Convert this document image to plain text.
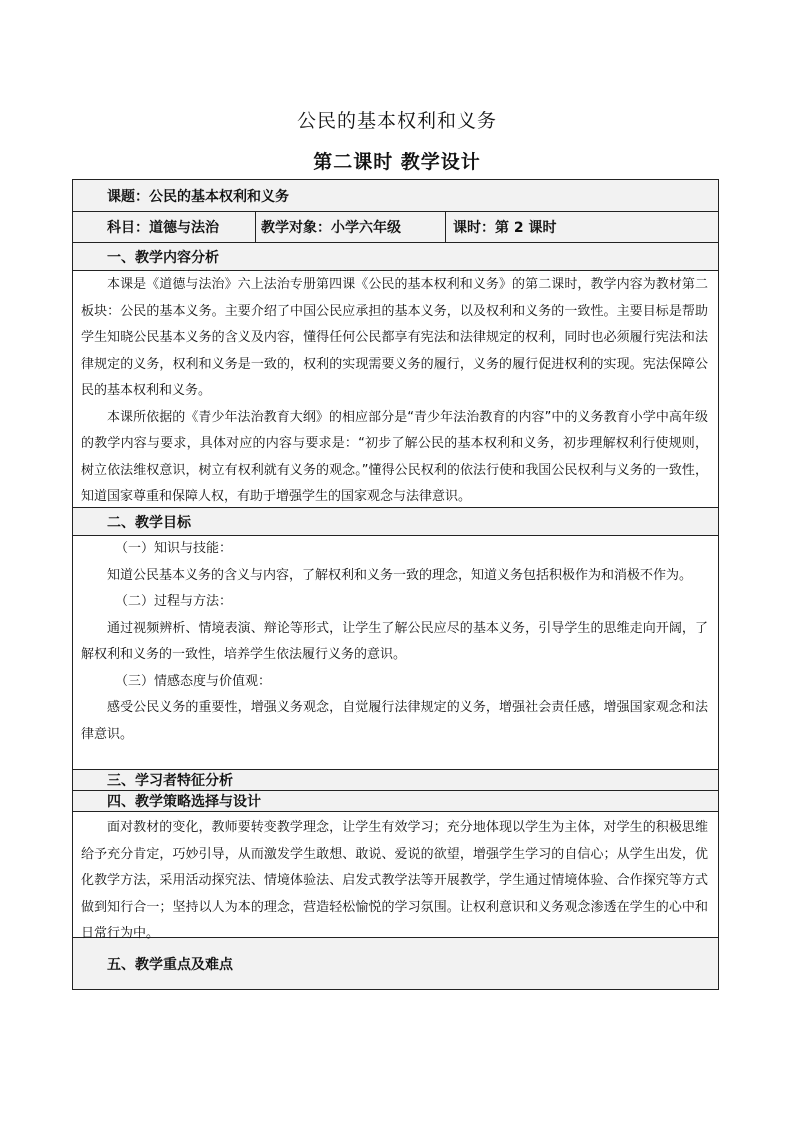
公民的基本权利和义务
第二课时 教学设计
课题：公民的基本权利和义务
科目：道德与法治	教学对象：小学六年级	课时：第 2 课时
一、教学内容分析

本课是《道德与法治》六上法治专册第四课《公民的基本权利和义务》的第二课时，教学内容为教材第二板块：公民的基本义务。主要介绍了中国公民应承担的基本义务，以及权利和义务的一致性。主要目标是帮助学生知晓公民基本义务的含义及内容，懂得任何公民都享有宪法和法律规定的权利，同时也必须履行宪法和法律规定的义务，权利和义务是一致的，权利的实现需要义务的履行，义务的履行促进权利的实现。宪法保障公民的基本权利和义务。

本课所依据的《青少年法治教育大纲》的相应部分是“青少年法治教育的内容”中的义务教育小学中高年级的教学内容与要求，具体对应的内容与要求是：“初步了解公民的基本权利和义务，初步理解权利行使规则，树立依法维权意识，树立有权利就有义务的观念。”懂得公民权利的依法行使和我国公民权利与义务的一致性，知道国家尊重和保障人权，有助于增强学生的国家观念与法律意识。

二、教学目标

（一）知识与技能：

知道公民基本义务的含义与内容，了解权利和义务一致的理念，知道义务包括积极作为和消极不作为。

（二）过程与方法：

通过视频辨析、情境表演、辩论等形式，让学生了解公民应尽的基本义务，引导学生的思维走向开阔，了解权利和义务的一致性，培养学生依法履行义务的意识。

（三）情感态度与价值观：

感受公民义务的重要性，增强义务观念，自觉履行法律规定的义务，增强社会责任感，增强国家观念和法律意识。

三、学习者特征分析
四、教学策略选择与设计

面对教材的变化，教师要转变教学理念，让学生有效学习；充分地体现以学生为主体，对学生的积极思维给予充分肯定，巧妙引导，从而激发学生敢想、敢说、爱说的欲望，增强学生学习的自信心；从学生出发，优化教学方法，采用活动探究法、情境体验法、启发式教学法等开展教学，学生通过情境体验、合作探究等方式做到知行合一；坚持以人为本的理念，营造轻松愉悦的学习氛围。让权利意识和义务观念渗透在学生的心中和日常行为中。

五、教学重点及难点
